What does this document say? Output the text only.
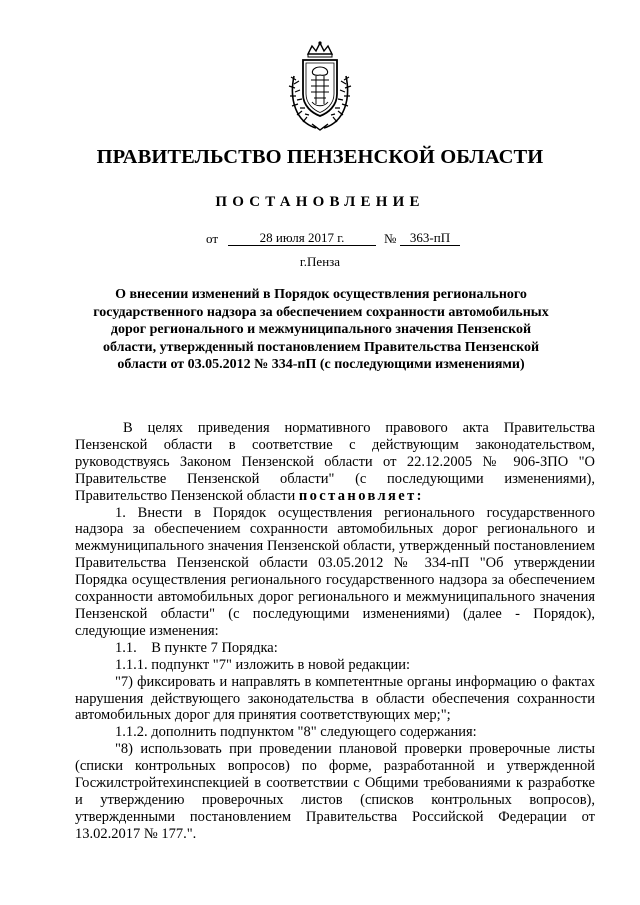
ПРАВИТЕЛЬСТВО ПЕНЗЕНСКОЙ ОБЛАСТИ
ПОСТАНОВЛЕНИЕ
от	28 июля 2017 г.	№	363-пП
г.Пенза
О внесении изменений в Порядок осуществления регионального государственного надзора за обеспечением сохранности автомобильных дорог регионального и межмуниципального значения Пензенской области, утвержденный постановлением Правительства Пензенской области от 03.05.2012 № 334-пП (с последующими изменениями)

В целях приведения нормативного правового акта Правительства Пензенской области в соответствие с действующим законодательством, руководствуясь Законом Пензенской области от 22.12.2005 № 906-ЗПО "О Правительстве Пензенской области" (с последующими изменениями), Правительство Пензенской области постановляет:

1. Внести в Порядок осуществления регионального государственного надзора за обеспечением сохранности автомобильных дорог регионального и межмуниципального значения Пензенской области, утвержденный постановлением Правительства Пензенской области 03.05.2012 № 334-пП "Об утверждении Порядка осуществления регионального государственного надзора за обеспечением сохранности автомобильных дорог регионального и межмуниципального значения Пензенской области" (с последующими изменениями) (далее - Порядок), следующие изменения:

1.1.    В пункте 7 Порядка:

1.1.1. подпункт "7" изложить в новой редакции:

"7) фиксировать и направлять в компетентные органы информацию о фактах нарушения действующего законодательства в области обеспечения сохранности автомобильных дорог для принятия соответствующих мер;";

1.1.2. дополнить подпунктом "8" следующего содержания:

"8) использовать при проведении плановой проверки проверочные листы (списки контрольных вопросов) по форме, разработанной и утвержденной Госжилстройтехинспекцией в соответствии с Общими требованиями к разработке и утверждению проверочных листов (списков контрольных вопросов), утвержденными постановлением Правительства Российской Федерации от 13.02.2017 № 177.".
